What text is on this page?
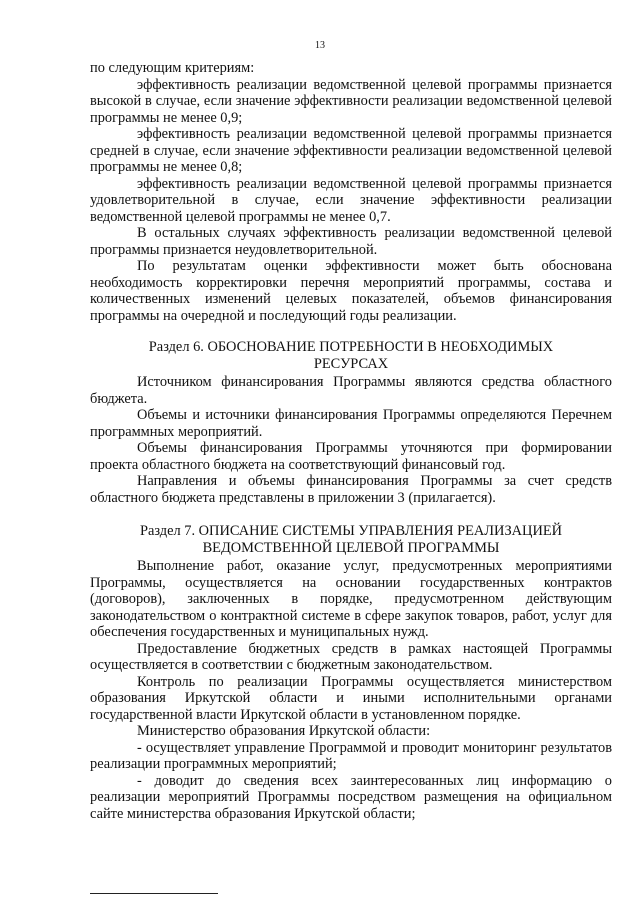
13

по следующим критериям:

эффективность реализации ведомственной целевой программы признается высокой в случае, если значение эффективности реализации ведомственной целевой программы не менее 0,9;

эффективность реализации ведомственной целевой программы признается средней в случае, если значение эффективности реализации ведомственной целевой программы не менее 0,8;

эффективность реализации ведомственной целевой программы признается удовлетворительной в случае, если значение эффективности реализации ведомственной целевой программы не менее 0,7.

В остальных случаях эффективность реализации ведомственной целевой программы признается неудовлетворительной.

По результатам оценки эффективности может быть обоснована необходимость корректировки перечня мероприятий программы, состава и количественных изменений целевых показателей, объемов финансирования программы на очередной и последующий годы реализации.

Раздел 6. ОБОСНОВАНИЕ ПОТРЕБНОСТИ В НЕОБХОДИМЫХ
РЕСУРСАХ

Источником финансирования Программы являются средства областного бюджета.

Объемы и источники финансирования Программы определяются Перечнем программных мероприятий.

Объемы финансирования Программы уточняются при формировании проекта областного бюджета на соответствующий финансовый год.

Направления и объемы финансирования Программы за счет средств областного бюджета представлены в приложении 3 (прилагается).

Раздел 7. ОПИСАНИЕ СИСТЕМЫ УПРАВЛЕНИЯ РЕАЛИЗАЦИЕЙ
ВЕДОМСТВЕННОЙ ЦЕЛЕВОЙ ПРОГРАММЫ

Выполнение работ, оказание услуг, предусмотренных мероприятиями Программы, осуществляется на основании государственных контрактов (договоров), заключенных в порядке, предусмотренном действующим законодательством о контрактной системе в сфере закупок товаров, работ, услуг для обеспечения государственных и муниципальных нужд.

Предоставление бюджетных средств в рамках настоящей Программы осуществляется в соответствии с бюджетным законодательством.

Контроль по реализации Программы осуществляется министерством образования Иркутской области и иными исполнительными органами государственной власти Иркутской области в установленном порядке.

Министерство образования Иркутской области:

- осуществляет управление Программой и проводит мониторинг результатов реализации программных мероприятий;

- доводит до сведения всех заинтересованных лиц информацию о реализации мероприятий Программы посредством размещения на официальном сайте министерства образования Иркутской области;
